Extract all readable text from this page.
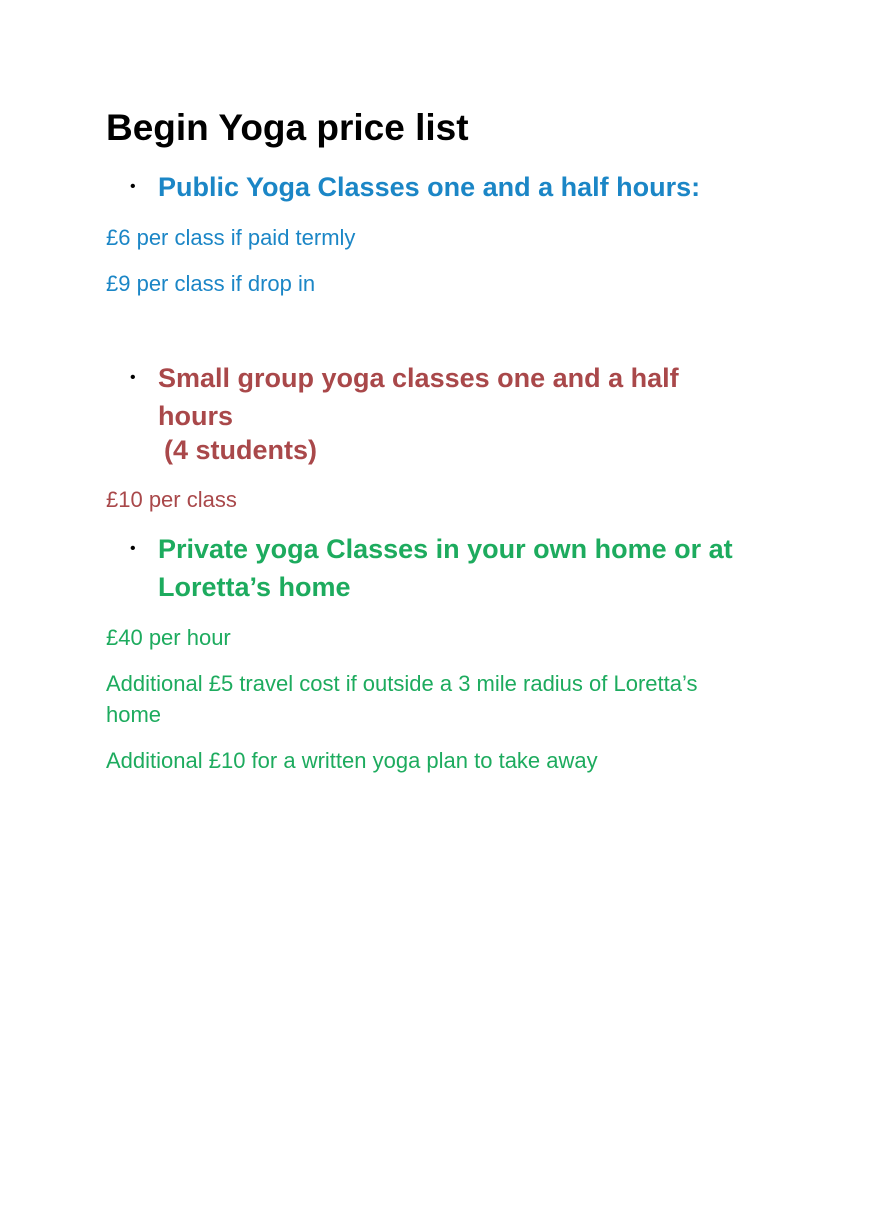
Begin Yoga price list
• Public Yoga Classes one and a half hours:

£6 per class if paid termly

£9 per class if drop in

• Small group yoga classes one and a half hours

(4 students)

£10 per class

• Private yoga Classes in your own home or at Loretta’s home

£40 per hour

Additional £5 travel cost if outside a 3 mile radius of Loretta’s home

Additional £10 for a written yoga plan to take away
